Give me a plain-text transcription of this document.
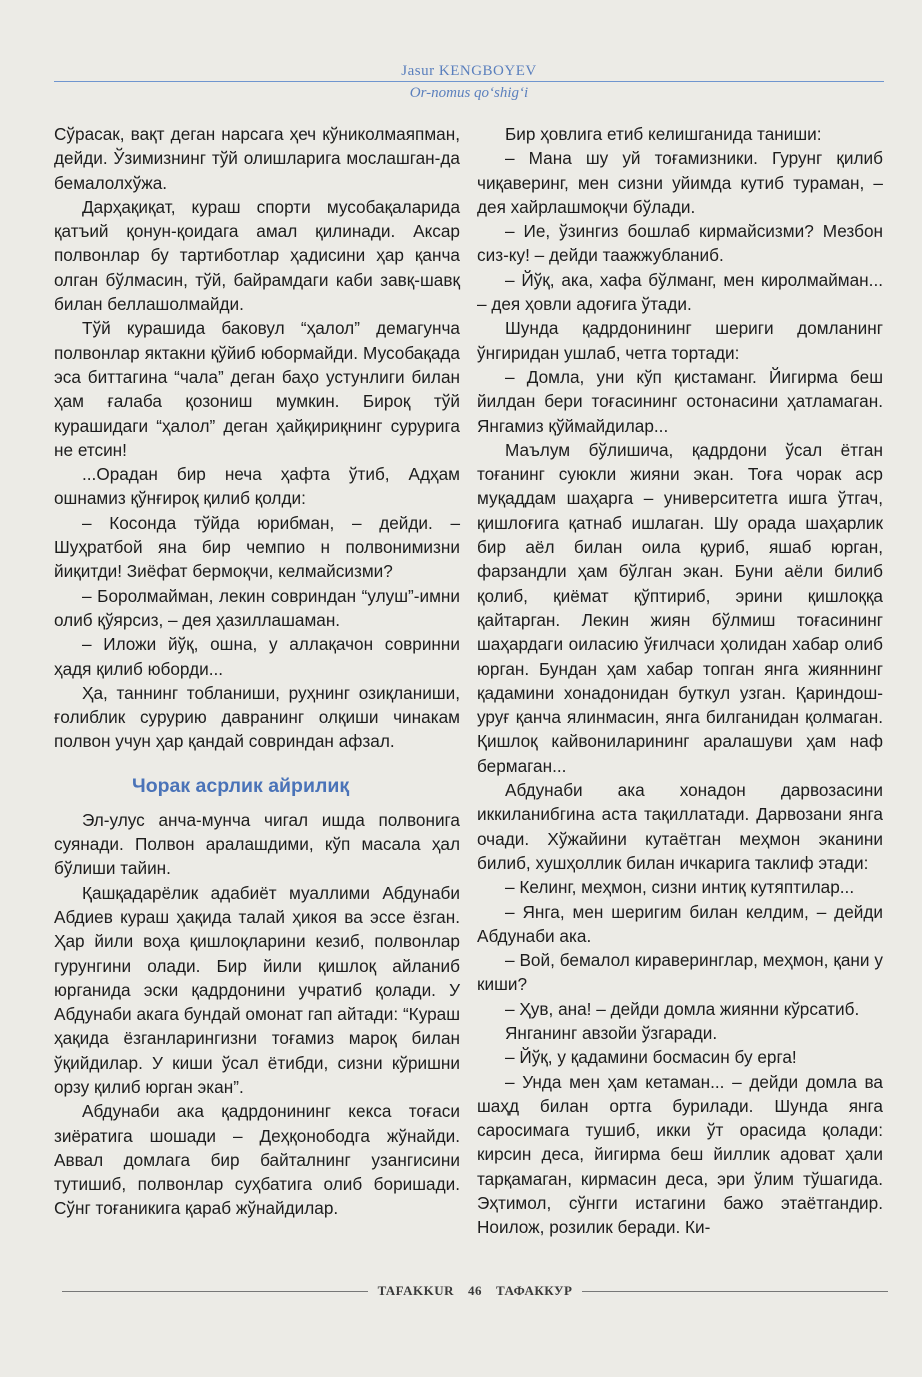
Jasur KENGBOYEV
Or-nomus qo‘shig‘i

Сўрасак, вақт деган нарсага ҳеч кўниколмаяпман, дейди. Ўзимизнинг тўй олишларига мослашган-да бемалолхўжа.

Дарҳақиқат, кураш спорти мусобақаларида қатъий қонун-қоидага амал қилинади. Аксар полвонлар бу тартиботлар ҳадисини ҳар қанча олган бўлмасин, тўй, байрамдаги каби завқ-шавқ билан беллашолмайди.

Тўй курашида баковул “ҳалол” демагунча полвонлар яктакни қўйиб юбормайди. Мусобақада эса биттагина “чала” деган баҳо устунлиги билан ҳам ғалаба қозониш мумкин. Бироқ тўй курашидаги “ҳалол” деган ҳайқириқнинг сурурига не етсин!

...Орадан бир неча ҳафта ўтиб, Адҳам ошнамиз қўнғироқ қилиб қолди:

– Косонда тўйда юрибман, – дейди. – Шуҳратбой яна бир чемпио н полвонимизни йиқитди! Зиёфат бермоқчи, келмайсизми?

– Боролмайман, лекин совриндан “улуш”-имни олиб қўярсиз, – дея ҳазиллашаман.

– Иложи йўқ, ошна, у аллақачон совринни ҳадя қилиб юборди...

Ҳа, таннинг тобланиши, руҳнинг озиқланиши, ғолиблик сурурию давранинг олқиши чинакам полвон учун ҳар қандай совриндан афзал.

Чорак асрлик айрилиқ

Эл-улус анча-мунча чигал ишда полвонига суянади. Полвон аралашдими, кўп масала ҳал бўлиши тайин.

Қашқадарёлик адабиёт муаллими Абдунаби Абдиев кураш ҳақида талай ҳикоя ва эссе ёзган. Ҳар йили воҳа қишлоқларини кезиб, полвонлар гурунгини олади. Бир йили қишлоқ айланиб юрганида эски қадрдонини учратиб қолади. У Абдунаби акага бундай омонат гап айтади: “Кураш ҳақида ёзганларингизни тоғамиз мароқ билан ўқийдилар. У киши ўсал ётибди, сизни кўришни орзу қилиб юрган экан”.

Абдунаби ака қадрдонининг кекса тоғаси зиёратига шошади – Деҳқонободга жўнайди. Аввал домлага бир байталнинг узангисини тутишиб, полвонлар суҳбатига олиб боришади. Сўнг тоғаникига қараб жўнайдилар.

Бир ҳовлига етиб келишганида таниши:

– Мана шу уй тоғамизники. Гурунг қилиб чиқаверинг, мен сизни уйимда кутиб тураман, – дея хайрлашмоқчи бўлади.

– Ие, ўзингиз бошлаб кирмайсизми? Мезбон сиз-ку! – дейди таажжубланиб.

– Йўқ, ака, хафа бўлманг, мен киролмайман... – дея ҳовли адоғига ўтади.

Шунда қадрдонининг шериги домланинг ўнгиридан ушлаб, четга тортади:

– Домла, уни кўп қистаманг. Йигирма беш йилдан бери тоғасининг остонасини ҳатламаган. Янгамиз қўймайдилар...

Маълум бўлишича, қадрдони ўсал ётган тоғанинг суюкли жияни экан. Тоға чорак аср муқаддам шаҳарга – университетга ишга ўтгач, қишлоғига қатнаб ишлаган. Шу орада шаҳарлик бир аёл билан оила қуриб, яшаб юрган, фарзандли ҳам бўлган экан. Буни аёли билиб қолиб, қиёмат қўптириб, эрини қишлоққа қайтарган. Лекин жиян бўлмиш тоғасининг шаҳардаги оиласию ўғилчаси ҳолидан хабар олиб юрган. Бундан ҳам хабар топган янга жияннинг қадамини хонадонидан буткул узган. Қариндош-уруғ қанча ялинмасин, янга билганидан қолмаган. Қишлоқ кайвониларининг аралашуви ҳам наф бермаган...

Абдунаби ака хонадон дарвозасини иккиланибгина аста тақиллатади. Дарвозани янга очади. Хўжайини кутаётган меҳмон эканини билиб, хушҳоллик билан ичкарига таклиф этади:

– Келинг, меҳмон, сизни интиқ кутяптилар...

– Янга, мен шеригим билан келдим, – дейди Абдунаби ака.

– Вой, бемалол кираверинглар, меҳмон, қани у киши?

– Ҳув, ана! – дейди домла жиянни кўрсатиб.

Янганинг авзойи ўзгаради.

– Йўқ, у қадамини босмасин бу ерга!

– Унда мен ҳам кетаман... – дейди домла ва шаҳд билан ортга бурилади. Шунда янга саросимага тушиб, икки ўт орасида қолади: кирсин деса, йигирма беш йиллик адоват ҳали тарқамаган, кирмасин деса, эри ўлим тўшагида. Эҳтимол, сўнгги истагини бажо этаётгандир. Ноилож, розилик беради. Ки-

TAFAKKUR 46 ТАФАККУР
